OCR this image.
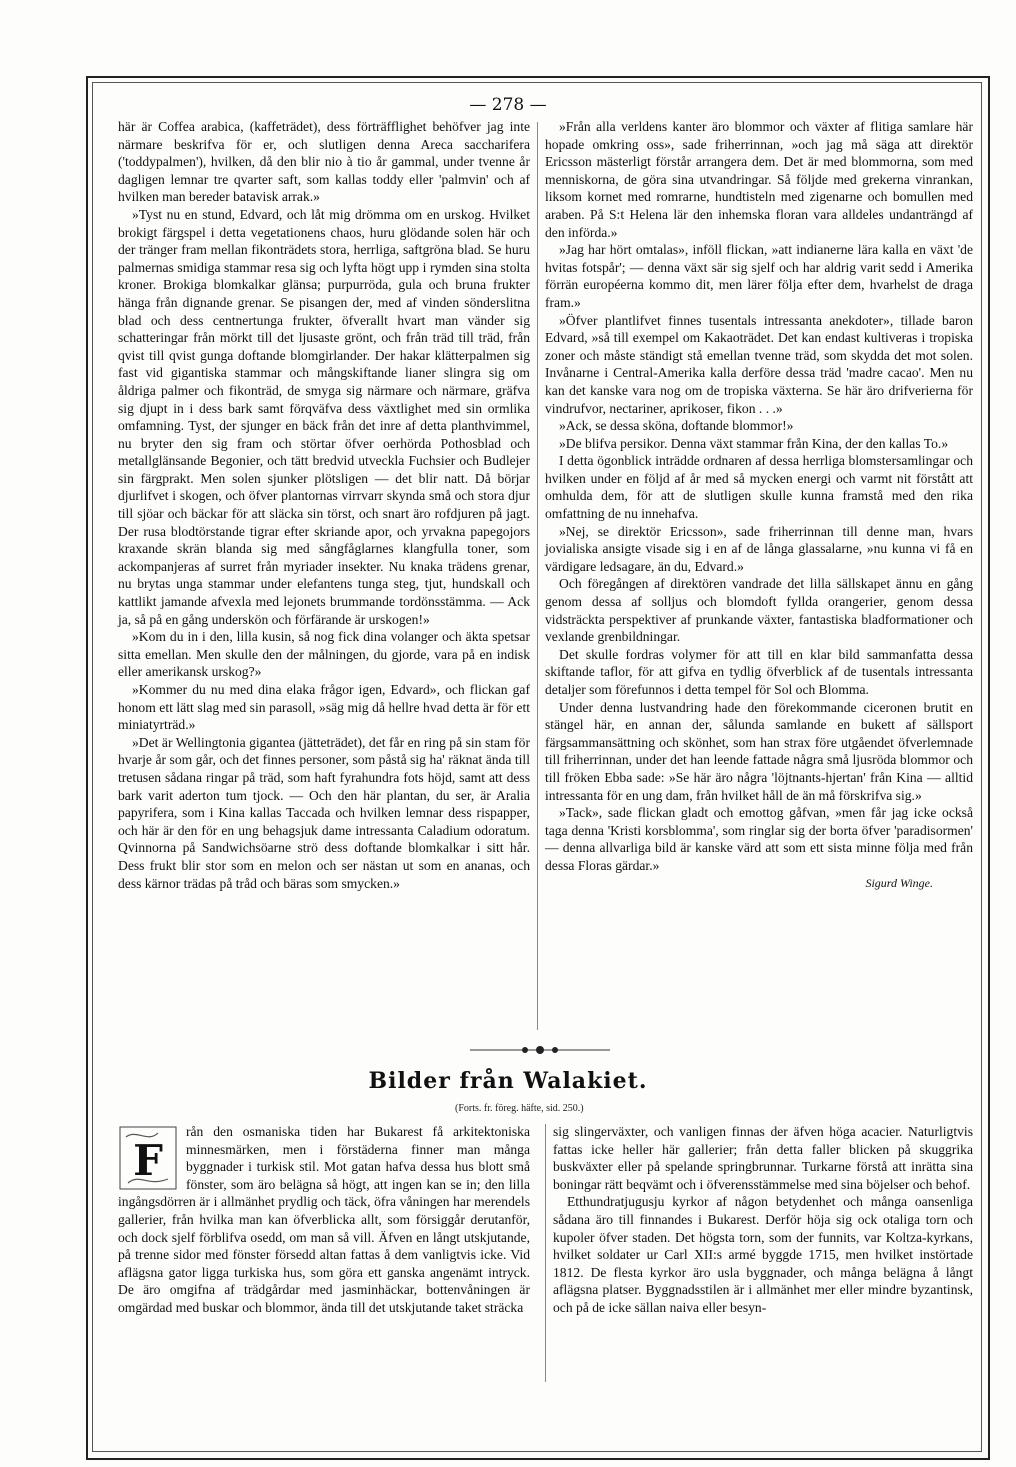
— 278 —

här är Coffea arabica, (kaffeträdet), dess förträfflighet behöfver jag inte närmare beskrifva för er, och slutligen denna Areca saccharifera ('toddypalmen'), hvilken, då den blir nio à tio år gammal, under tvenne år dagligen lemnar tre qvarter saft, som kallas toddy eller 'palmvin' och af hvilken man bereder batavisk arrak.»

»Tyst nu en stund, Edvard, och låt mig drömma om en urskog. Hvilket brokigt färgspel i detta vegetationens chaos, huru glödande solen här och der tränger fram mellan fikonträdets stora, herrliga, saftgröna blad. Se huru palmernas smidiga stammar resa sig och lyfta högt upp i rymden sina stolta kroner. Brokiga blomkalkar glänsa; purpurröda, gula och bruna frukter hänga från dignande grenar. Se pisangen der, med af vinden sönderslitna blad och dess centnertunga frukter, öfverallt hvart man vänder sig schatteringar från mörkt till det ljusaste grönt, och från träd till träd, från qvist till qvist gunga doftande blomgirlander. Der hakar klätterpalmen sig fast vid gigantiska stammar och mångskiftande lianer slingra sig om åldriga palmer och fikonträd, de smyga sig närmare och närmare, gräfva sig djupt in i dess bark samt förqväfva dess växtlighet med sin ormlika omfamning. Tyst, der sjunger en bäck från det inre af detta planthvimmel, nu bryter den sig fram och störtar öfver oerhörda Pothosblad och metallglänsande Begonier, och tätt bredvid utveckla Fuchsier och Budlejer sin färgprakt. Men solen sjunker plötsligen — det blir natt. Då börjar djurlifvet i skogen, och öfver plantornas virrvarr skynda små och stora djur till sjöar och bäckar för att släcka sin törst, och snart äro rofdjuren på jagt. Der rusa blodtörstande tigrar efter skriande apor, och yrvakna papegojors kraxande skrän blanda sig med sångfåglarnes klangfulla toner, som ackompanjeras af surret från myriader insekter. Nu knaka trädens grenar, nu brytas unga stammar under elefantens tunga steg, tjut, hundskall och kattlikt jamande afvexla med lejonets brummande tordönsstämma. — Ack ja, så på en gång underskön och förfärande är urskogen!»

»Kom du in i den, lilla kusin, så nog fick dina volanger och äkta spetsar sitta emellan. Men skulle den der målningen, du gjorde, vara på en indisk eller amerikansk urskog?»

»Kommer du nu med dina elaka frågor igen, Edvard», och flickan gaf honom ett lätt slag med sin parasoll, »säg mig då hellre hvad detta är för ett miniatyrträd.»

»Det är Wellingtonia gigantea (jätteträdet), det får en ring på sin stam för hvarje år som går, och det finnes personer, som påstå sig ha' räknat ända till tretusen sådana ringar på träd, som haft fyrahundra fots höjd, samt att dess bark varit aderton tum tjock. — Och den här plantan, du ser, är Aralia papyrifera, som i Kina kallas Taccada och hvilken lemnar dess rispapper, och här är den för en ung behagsjuk dame intressanta Caladium odoratum. Qvinnorna på Sandwichsöarne strö dess doftande blomkalkar i sitt hår. Dess frukt blir stor som en melon och ser nästan ut som en ananas, och dess kärnor trädas på tråd och bäras som smycken.»

»Från alla verldens kanter äro blommor och växter af flitiga samlare här hopade omkring oss», sade friherrinnan, »och jag må säga att direktör Ericsson mästerligt förstår arrangera dem. Det är med blommorna, som med menniskorna, de göra sina utvandringar. Så följde med grekerna vinrankan, liksom kornet med romrarne, hundtisteln med zigenarne och bomullen med araben. På S:t Helena lär den inhemska floran vara alldeles undanträngd af den införda.»

»Jag har hört omtalas», inföll flickan, »att indianerne lära kalla en växt 'de hvitas fotspår'; — denna växt sär sig sjelf och har aldrig varit sedd i Amerika förrän européerna kommo dit, men lärer följa efter dem, hvarhelst de draga fram.»

»Öfver plantlifvet finnes tusentals intressanta anekdoter», tillade baron Edvard, »så till exempel om Kakaoträdet. Det kan endast kultiveras i tropiska zoner och måste ständigt stå emellan tvenne träd, som skydda det mot solen. Invånarne i Central-Amerika kalla derföre dessa träd 'madre cacao'. Men nu kan det kanske vara nog om de tropiska växterna. Se här äro drifverierna för vindrufvor, nectariner, aprikoser, fikon . . .»

»Ack, se dessa sköna, doftande blommor!»

»De blifva persikor. Denna växt stammar från Kina, der den kallas To.»

I detta ögonblick inträdde ordnaren af dessa herrliga blomstersamlingar och hvilken under en följd af år med så mycken energi och varmt nit förstått att omhulda dem, för att de slutligen skulle kunna framstå med den rika omfattning de nu innehafva.

»Nej, se direktör Ericsson», sade friherrinnan till denne man, hvars jovialiska ansigte visade sig i en af de långa glassalarne, »nu kunna vi få en värdigare ledsagare, än du, Edvard.»

Och föregången af direktören vandrade det lilla sällskapet ännu en gång genom dessa af solljus och blomdoft fyllda orangerier, genom dessa vidsträckta perspektiver af prunkande växter, fantastiska bladformationer och vexlande grenbildningar.

Det skulle fordras volymer för att till en klar bild sammanfatta dessa skiftande taflor, för att gifva en tydlig öfverblick af de tusentals intressanta detaljer som förefunnos i detta tempel för Sol och Blomma.

Under denna lustvandring hade den förekommande ciceronen brutit en stängel här, en annan der, sålunda samlande en bukett af sällsport färgsammansättning och skönhet, som han strax före utgåendet öfverlemnade till friherrinnan, under det han leende fattade några små ljusröda blommor och till fröken Ebba sade: »Se här äro några 'löjtnants-hjertan' från Kina — alltid intressanta för en ung dam, från hvilket håll de än må förskrifva sig.»

»Tack», sade flickan gladt och emottog gåfvan, »men får jag icke också taga denna 'Kristi korsblomma', som ringlar sig der borta öfver 'paradisormen' — denna allvarliga bild är kanske värd att som ett sista minne följa med från dessa Floras gärdar.»

Sigurd Winge.
Bilder från Walakiet.
(Forts. fr. föreg. häfte, sid. 250.)
F

rån den osmaniska tiden har Bukarest få arkitektoniska minnesmärken, men i förstäderna finner man många byggnader i turkisk stil. Mot gatan hafva dessa hus blott små fönster, som äro belägna så högt, att ingen kan se in; den lilla ingångsdörren är i allmänhet prydlig och täck, öfra våningen har merendels gallerier, från hvilka man kan öfverblicka allt, som försiggår derutanför, och dock sjelf förblifva osedd, om man så vill. Äfven en långt utskjutande, på trenne sidor med fönster försedd altan fattas å dem vanligtvis icke. Vid aflägsna gator ligga turkiska hus, som göra ett ganska angenämt intryck. De äro omgifna af trädgårdar med jasminhäckar, bottenvåningen är omgärdad med buskar och blommor, ända till det utskjutande taket sträcka

sig slingerväxter, och vanligen finnas der äfven höga acacier. Naturligtvis fattas icke heller här gallerier; från detta faller blicken på skuggrika buskväxter eller på spelande springbrunnar. Turkarne förstå att inrätta sina boningar rätt beqvämt och i öfverensstämmelse med sina böjelser och behof.

Etthundratjugusju kyrkor af någon betydenhet och många oansenliga sådana äro till finnandes i Bukarest. Derför höja sig ock otaliga torn och kupoler öfver staden. Det högsta torn, som der funnits, var Koltza-kyrkans, hvilket soldater ur Carl XII:s armé byggde 1715, men hvilket instörtade 1812. De flesta kyrkor äro usla byggnader, och många belägna å långt aflägsna platser. Byggnadsstilen är i allmänhet mer eller mindre byzantinsk, och på de icke sällan naiva eller besyn-
